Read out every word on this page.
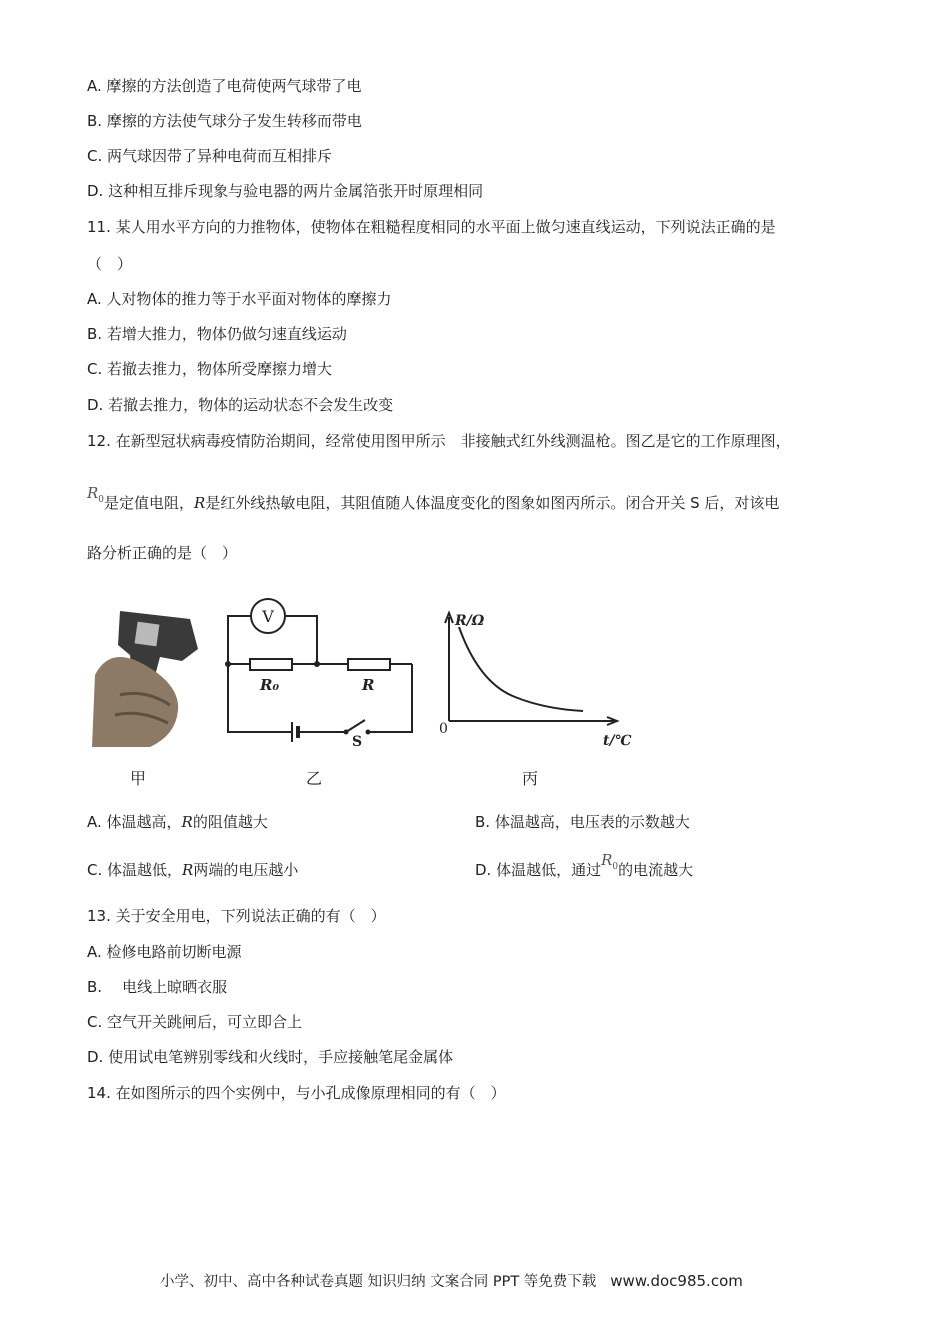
A. 摩擦的方法创造了电荷使两气球带了电
B. 摩擦的方法使气球分子发生转移而带电
C. 两气球因带了异种电荷而互相排斥
D. 这种相互排斥现象与验电器的两片金属箔张开时原理相同
11. 某人用水平方向的力推物体，使物体在粗糙程度相同的水平面上做匀速直线运动，下列说法正确的是
（　）
A. 人对物体的推力等于水平面对物体的摩擦力
B. 若增大推力，物体仍做匀速直线运动
C. 若撤去推力，物体所受摩擦力增大
D. 若撤去推力，物体的运动状态不会发生改变
12. 在新型冠状病毒疫情防治期间，经常使用图甲所示　非接触式红外线测温枪。图乙是它的工作原理图，
$R_0$是定值电阻，R是红外线热敏电阻，其阻值随人体温度变化的图象如图丙所示。闭合开关 S 后，对该电
路分析正确的是（　）
V
R₀	R
S
R/Ω
0
t/℃
甲	乙	丙
A. 体温越高，R的阻值越大	B. 体温越高，电压表的示数越大
C. 体温越低，R两端的电压越小	D. 体温越低，通过$R_0$的电流越大
13. 关于安全用电，下列说法正确的有（　）
A. 检修电路前切断电源
B. 电线上晾晒衣服
C. 空气开关跳闸后，可立即合上
D. 使用试电笔辨别零线和火线时，手应接触笔尾金属体
14. 在如图所示的四个实例中，与小孔成像原理相同的有（　）
小学、初中、高中各种试卷真题 知识归纳 文案合同 PPT 等免费下载 www.doc985.com
